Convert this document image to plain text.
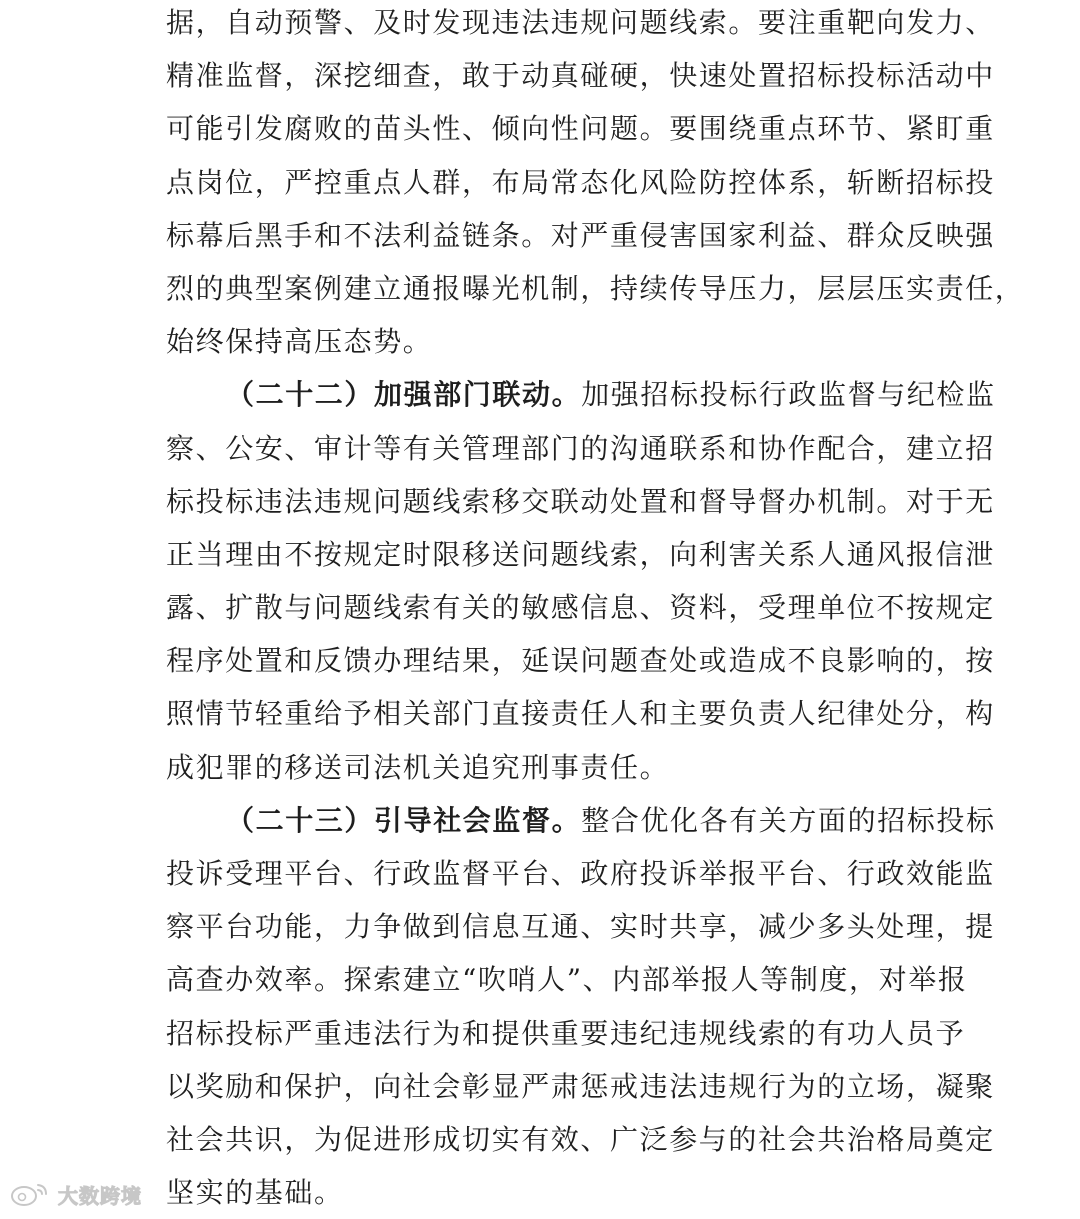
据，自动预警、及时发现违法违规问题线索。要注重靶向发力、
精准监督，深挖细查，敢于动真碰硬，快速处置招标投标活动中
可能引发腐败的苗头性、倾向性问题。要围绕重点环节、紧盯重
点岗位，严控重点人群，布局常态化风险防控体系，斩断招标投
标幕后黑手和不法利益链条。对严重侵害国家利益、群众反映强
烈的典型案例建立通报曝光机制，持续传导压力，层层压实责任，
始终保持高压态势。
（二十二）加强部门联动。加强招标投标行政监督与纪检监
察、公安、审计等有关管理部门的沟通联系和协作配合，建立招
标投标违法违规问题线索移交联动处置和督导督办机制。对于无
正当理由不按规定时限移送问题线索，向利害关系人通风报信泄
露、扩散与问题线索有关的敏感信息、资料，受理单位不按规定
程序处置和反馈办理结果，延误问题查处或造成不良影响的，按
照情节轻重给予相关部门直接责任人和主要负责人纪律处分，构
成犯罪的移送司法机关追究刑事责任。
（二十三）引导社会监督。整合优化各有关方面的招标投标
投诉受理平台、行政监督平台、政府投诉举报平台、行政效能监
察平台功能，力争做到信息互通、实时共享，减少多头处理，提
高查办效率。探索建立“吹哨人”、内部举报人等制度，对举报
招标投标严重违法行为和提供重要违纪违规线索的有功人员予
以奖励和保护，向社会彰显严肃惩戒违法违规行为的立场，凝聚
社会共识，为促进形成切实有效、广泛参与的社会共治格局奠定
坚实的基础。
大数跨境
